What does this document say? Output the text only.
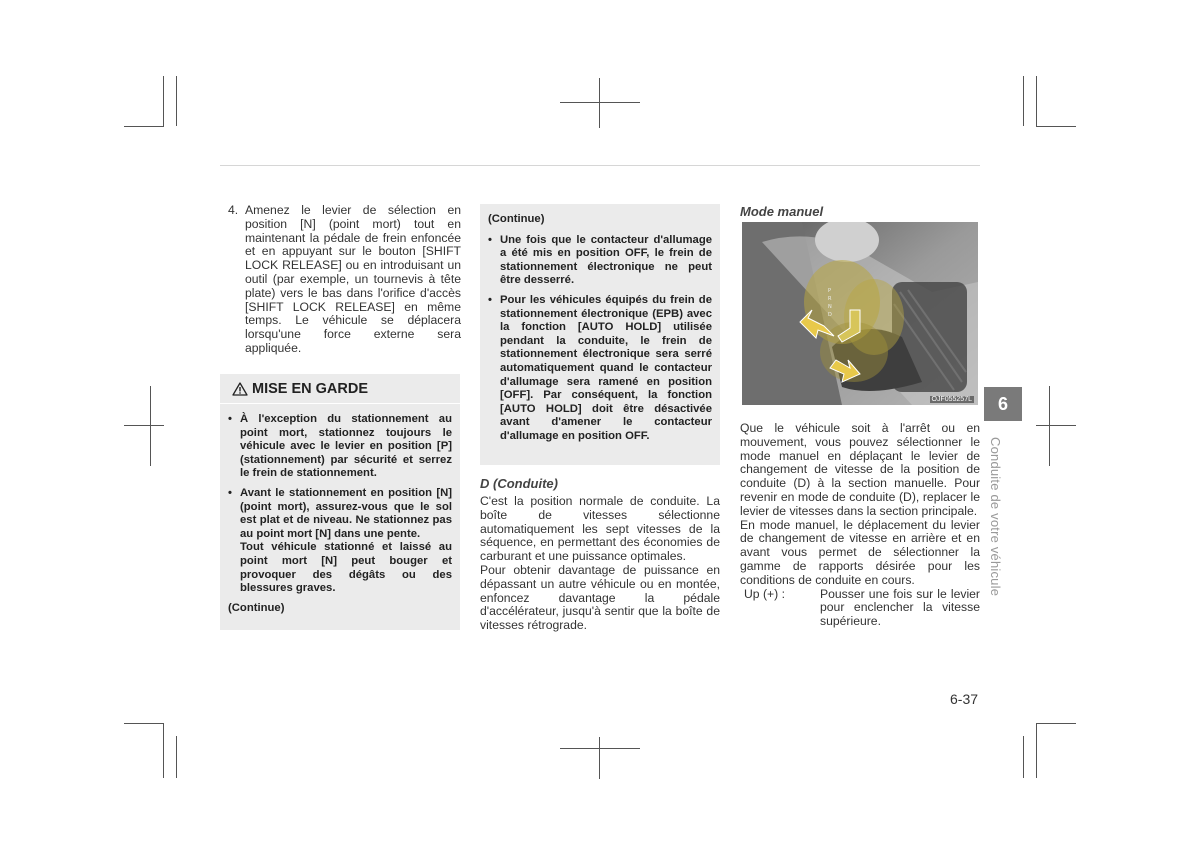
4. Amenez le levier de sélection en position [N] (point mort) tout en maintenant la pédale de frein enfoncée et en appuyant sur le bouton [SHIFT LOCK RELEASE] ou en introduisant un outil (par exemple, un tournevis à tête plate) vers le bas dans l'orifice d'accès [SHIFT LOCK RELEASE] en même temps. Le véhicule se déplacera lorsqu'une force externe sera appliquée.
MISE EN GARDE
• À l'exception du stationnement au point mort, stationnez toujours le véhicule avec le levier en position [P] (stationnement) par sécurité et serrez le frein de stationnement.
• Avant le stationnement en position [N] (point mort), assurez-vous que le sol est plat et de niveau. Ne stationnez pas au point mort [N] dans une pente.
Tout véhicule stationné et laissé au point mort [N] peut bouger et provoquer des dégâts ou des blessures graves.
(Continue)
(Continue)
• Une fois que le contacteur d'allumage a été mis en position OFF, le frein de stationnement électronique ne peut être desserré.
• Pour les véhicules équipés du frein de stationnement électronique (EPB) avec la fonction [AUTO HOLD] utilisée pendant la conduite, le frein de stationnement électronique sera serré automatiquement quand le contacteur d'allumage sera ramené en position [OFF]. Par conséquent, la fonction [AUTO HOLD] doit être désactivée avant d'amener le contacteur d'allumage en position OFF.
D (Conduite)
C'est la position normale de conduite. La boîte de vitesses sélectionne automatiquement les sept vitesses de la séquence, en permettant des économies de carburant et une puissance optimales.
Pour obtenir davantage de puissance en dépassant un autre véhicule ou en montée, enfoncez davantage la pédale d'accélérateur, jusqu'à sentir que la boîte de vitesses rétrograde.
Mode manuel
P
R
N
D
OJF055257L
Que le véhicule soit à l'arrêt ou en mouvement, vous pouvez sélectionner le mode manuel en déplaçant le levier de changement de vitesse de la position de conduite (D) à la section manuelle. Pour revenir en mode de conduite (D), replacer le levier de vitesses dans la section principale.
En mode manuel, le déplacement du levier de changement de vitesse en arrière et en avant vous permet de sélectionner la gamme de rapports désirée pour les conditions de conduite en cours.
Up (+) :	Pousser une fois sur le levier pour enclencher la vitesse supérieure.
6
Conduite de votre véhicule
6-37
